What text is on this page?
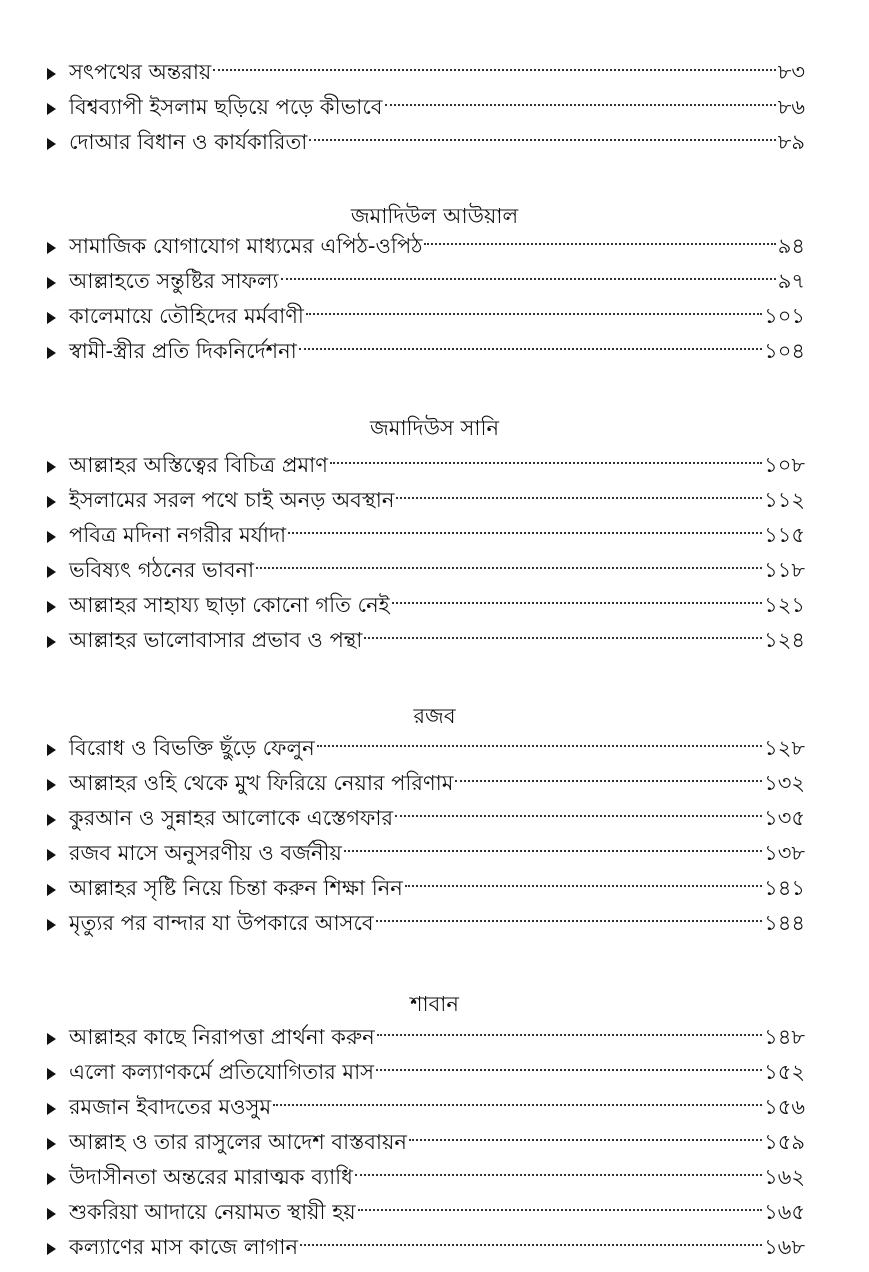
সৎপথের অন্তরায়	৮৩
বিশ্বব্যাপী ইসলাম ছড়িয়ে পড়ে কীভাবে	৮৬
দোআর বিধান ও কার্যকারিতা	৮৯
জমাদিউল আউয়াল
সামাজিক যোগাযোগ মাধ্যমের এপিঠ-ওপিঠ	৯৪
আল্লাহতে সন্তুষ্টির সাফল্য	৯৭
কালেমায়ে তৌহিদের মর্মবাণী	১০১
স্বামী-স্ত্রীর প্রতি দিকনির্দেশনা	১০৪
জমাদিউস সানি
আল্লাহর অস্তিত্বের বিচিত্র প্রমাণ	১০৮
ইসলামের সরল পথে চাই অনড় অবস্থান	১১২
পবিত্র মদিনা নগরীর মর্যাদা	১১৫
ভবিষ্যৎ গঠনের ভাবনা	১১৮
আল্লাহর সাহায্য ছাড়া কোনো গতি নেই	১২১
আল্লাহর ভালোবাসার প্রভাব ও পন্থা	১২৪
রজব
বিরোধ ও বিভক্তি ছুঁড়ে ফেলুন	১২৮
আল্লাহর ওহি থেকে মুখ ফিরিয়ে নেয়ার পরিণাম	১৩২
কুরআন ও সুন্নাহর আলোকে এস্তেগফার	১৩৫
রজব মাসে অনুসরণীয় ও বর্জনীয়	১৩৮
আল্লাহর সৃষ্টি নিয়ে চিন্তা করুন শিক্ষা নিন	১৪১
মৃত্যুর পর বান্দার যা উপকারে আসবে	১৪৪
শাবান
আল্লাহর কাছে নিরাপত্তা প্রার্থনা করুন	১৪৮
এলো কল্যাণকর্মে প্রতিযোগিতার মাস	১৫২
রমজান ইবাদতের মওসুম	১৫৬
আল্লাহ ও তার রাসুলের আদেশ বাস্তবায়ন	১৫৯
উদাসীনতা অন্তরের মারাত্মক ব্যাধি	১৬২
শুকরিয়া আদায়ে নেয়ামত স্থায়ী হয়	১৬৫
কল্যাণের মাস কাজে লাগান	১৬৮
